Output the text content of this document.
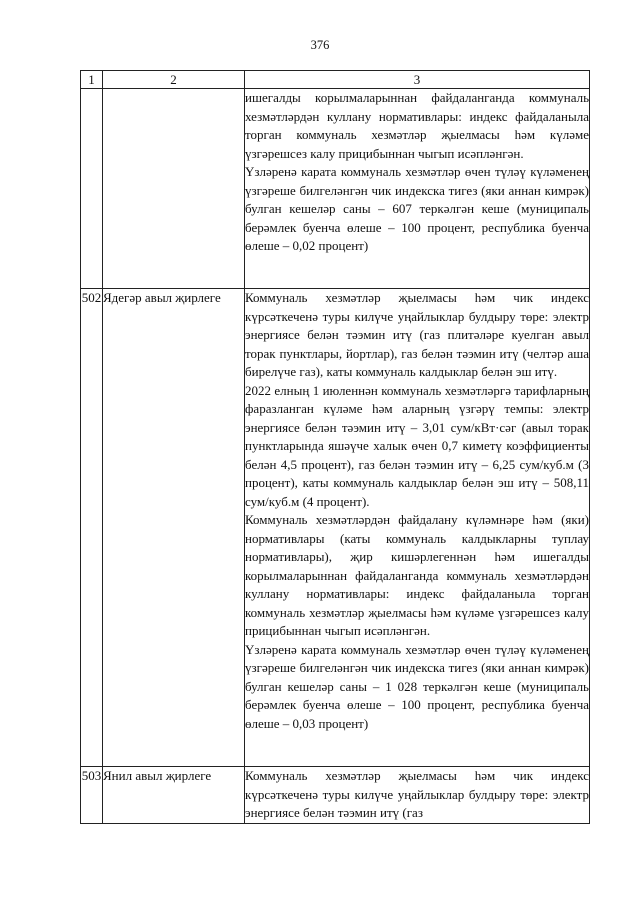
376
1	2	3

		ишегалды корылмаларыннан файдаланганда коммуналь хезмәтләрдән куллану нормативлары: индекс файдаланыла торган коммуналь хезмәтләр җыелмасы һәм күләме үзгәрешсез калу прицибыннан чыгып исәпләнгән.

Үзләренә карата коммуналь хезмәтләр өчен түләү күләменең үзгәреше билгеләнгән чик индекска тигез (яки аннан кимрәк) булган кешеләр саны – 607 теркәлгән кеше (муниципаль берәмлек буенча өлеше – 100 процент, республика буенча өлеше – 0,02 процент)

502	Ядегәр авыл җирлеге	Коммуналь хезмәтләр җыелмасы һәм чик индекс күрсәткеченә туры килүче уңайлыклар булдыру төре: электр энергиясе белән тәэмин итү (газ плитәләре куелган авыл торак пунктлары, йортлар), газ белән тәэмин итү (челтәр аша бирелүче газ), каты коммуналь калдыклар белән эш итү.

2022 елның 1 июленнән коммуналь хезмәтләргә тарифларның фаразланган күләме һәм аларның үзгәрү темпы: электр энергиясе белән тәэмин итү – 3,01 сум/кВт·сәг (авыл торак пунктларында яшәүче халык өчен 0,7 киметү коэффициенты белән 4,5 процент), газ белән тәэмин итү – 6,25 сум/куб.м (3 процент), каты коммуналь калдыклар белән эш итү – 508,11 сум/куб.м (4 процент).

Коммуналь хезмәтләрдән файдалану күләмнәре һәм (яки) нормативлары (каты коммуналь калдыкларны туплау нормативлары), җир кишәрлегеннән һәм ишегалды корылмаларыннан файдаланганда коммуналь хезмәтләрдән куллану нормативлары: индекс файдаланыла торган коммуналь хезмәтләр җыелмасы һәм күләме үзгәрешсез калу прицибыннан чыгып исәпләнгән.

Үзләренә карата коммуналь хезмәтләр өчен түләү күләменең үзгәреше билгеләнгән чик индекска тигез (яки аннан кимрәк) булган кешеләр саны – 1 028 теркәлгән кеше (муниципаль берәмлек буенча өлеше – 100 процент, республика буенча өлеше – 0,03 процент)

503	Янил авыл җирлеге	Коммуналь хезмәтләр җыелмасы һәм чик индекс күрсәткеченә туры килүче уңайлыклар булдыру төре: электр энергиясе белән тәэмин итү (газ
